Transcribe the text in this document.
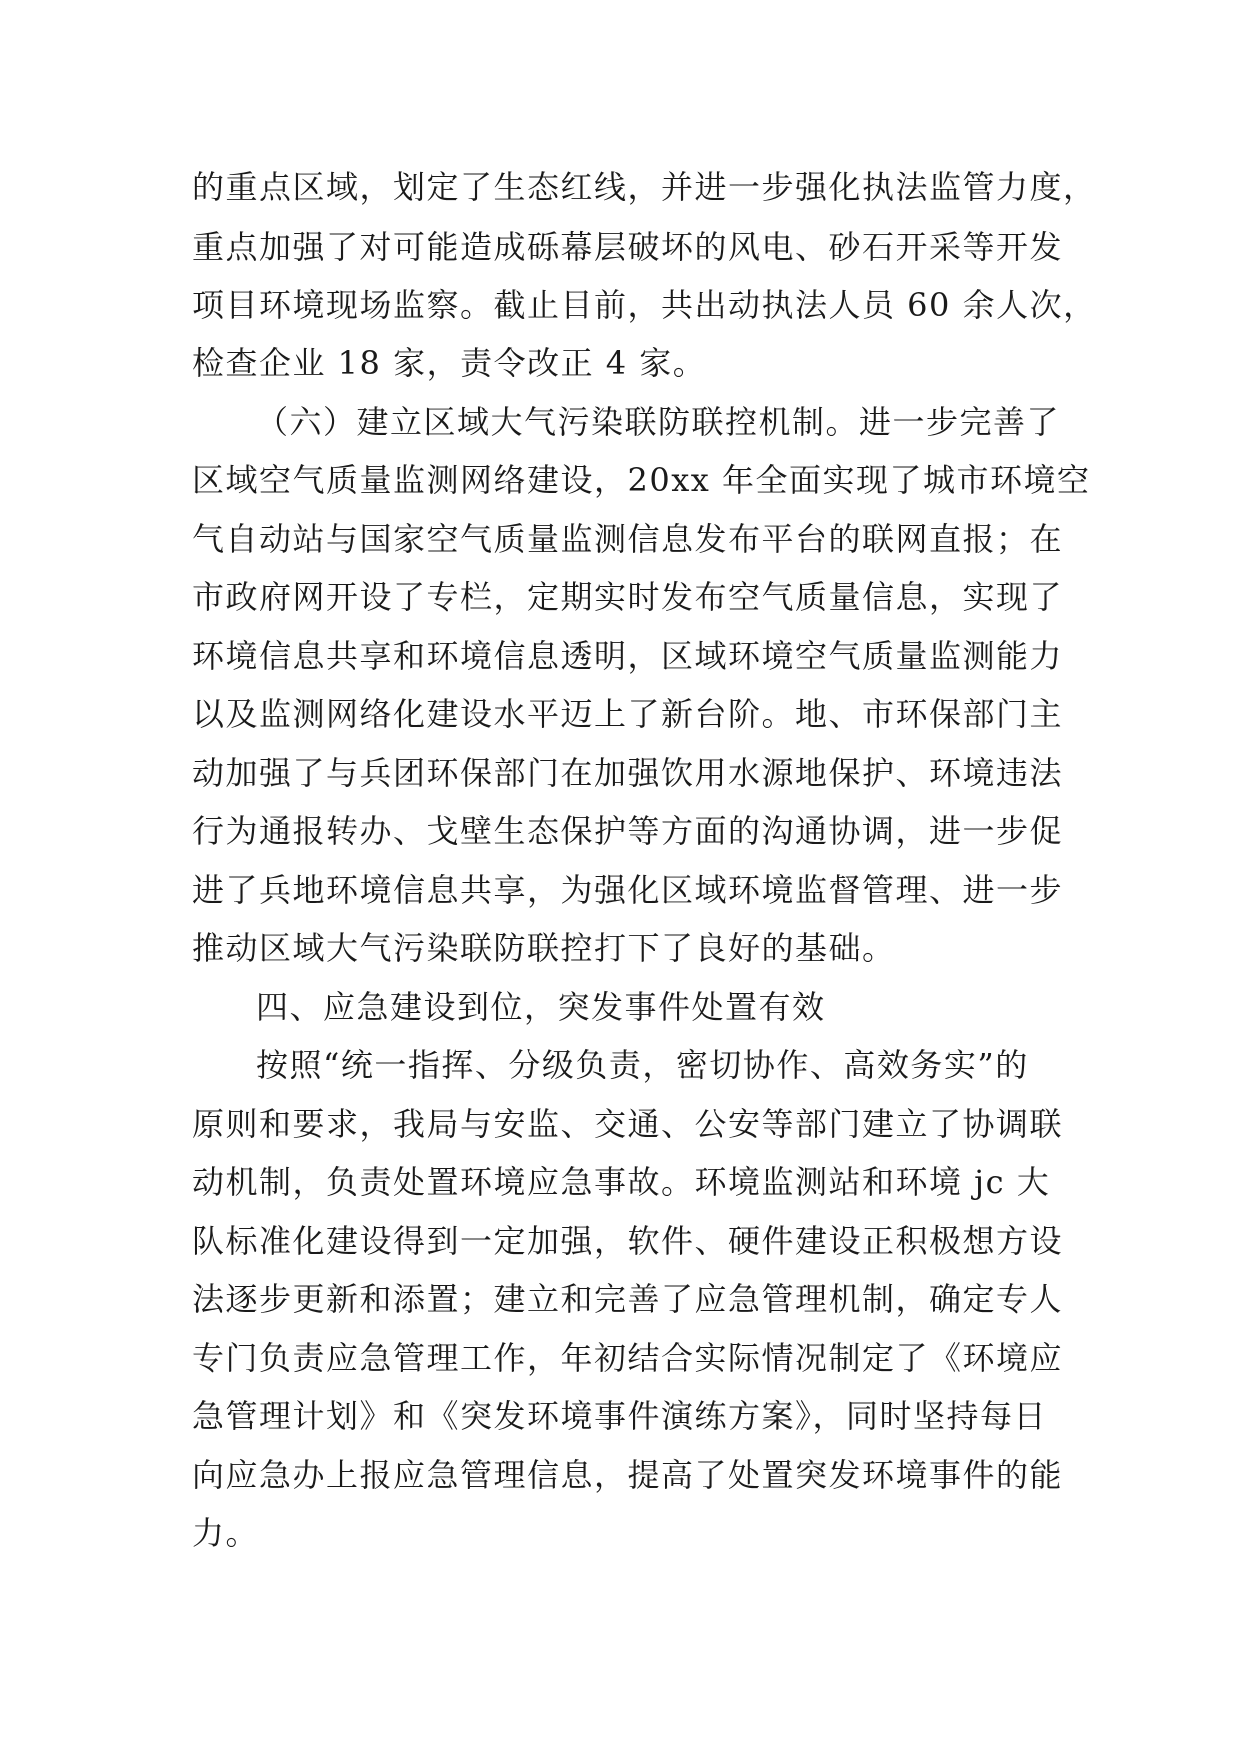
的重点区域，划定了生态红线，并进一步强化执法监管力度，
重点加强了对可能造成砾幕层破坏的风电、砂石开采等开发
项目环境现场监察。截止目前，共出动执法人员 60 余人次，
检查企业 18 家，责令改正 4 家。
（六）建立区域大气污染联防联控机制。进一步完善了
区域空气质量监测网络建设，20xx 年全面实现了城市环境空
气自动站与国家空气质量监测信息发布平台的联网直报；在
市政府网开设了专栏，定期实时发布空气质量信息，实现了
环境信息共享和环境信息透明，区域环境空气质量监测能力
以及监测网络化建设水平迈上了新台阶。地、市环保部门主
动加强了与兵团环保部门在加强饮用水源地保护、环境违法
行为通报转办、戈壁生态保护等方面的沟通协调，进一步促
进了兵地环境信息共享，为强化区域环境监督管理、进一步
推动区域大气污染联防联控打下了良好的基础。
四、应急建设到位，突发事件处置有效
按照“统一指挥、分级负责，密切协作、高效务实”的
原则和要求，我局与安监、交通、公安等部门建立了协调联
动机制，负责处置环境应急事故。环境监测站和环境 jc 大
队标准化建设得到一定加强，软件、硬件建设正积极想方设
法逐步更新和添置；建立和完善了应急管理机制，确定专人
专门负责应急管理工作，年初结合实际情况制定了《环境应
急管理计划》和《突发环境事件演练方案》，同时坚持每日
向应急办上报应急管理信息，提高了处置突发环境事件的能
力。
